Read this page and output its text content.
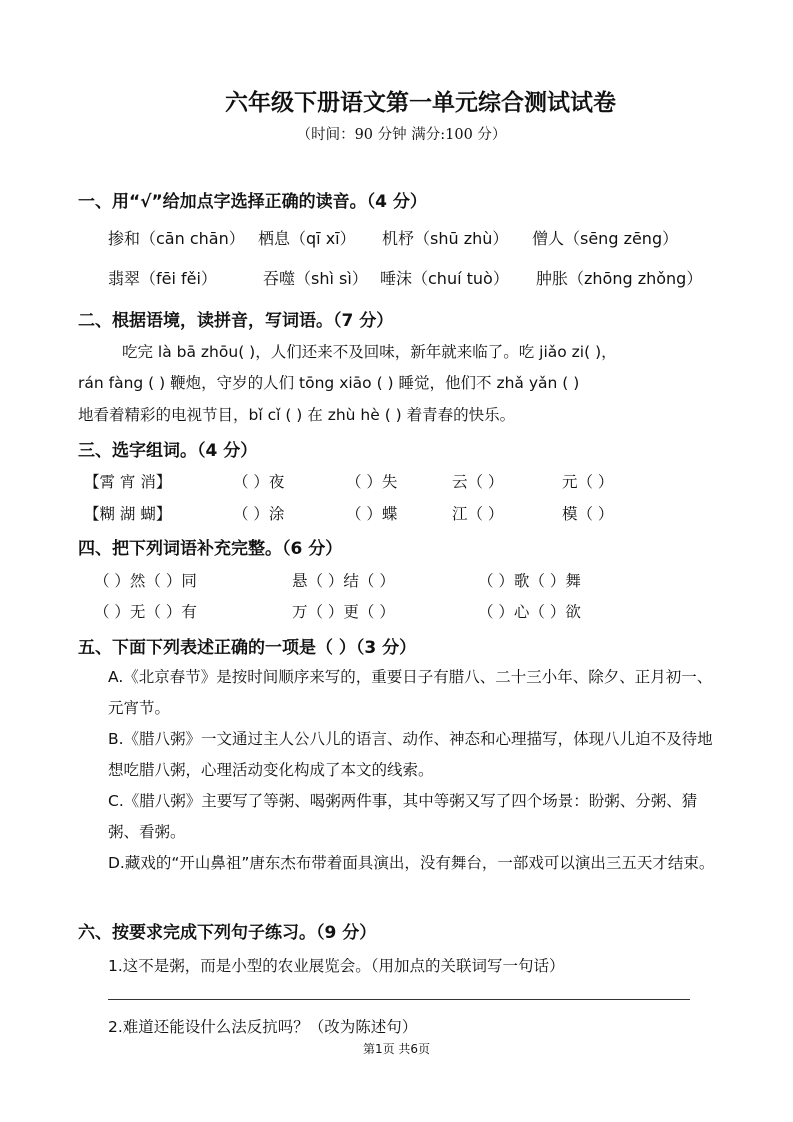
六年级下册语文第一单元综合测试试卷
（时间：90 分钟 满分:100 分）
一、用“√”给加点字选择正确的读音。（4 分）
掺和（cān chān） 栖息（qī xī） 机杼（shū zhù） 僧人（sēng zēng）
翡翠（fēi fěi）	吞噬（shì sì） 唾沫（chuí tuò） 肿胀（zhōng zhǒng）
二、根据语境，读拼音，写词语。（7 分）
吃完 là bā zhōu( )，人们还来不及回味，新年就来临了。吃 jiǎo zi( )，
rán fàng ( ) 鞭炮，守岁的人们 tōng xiāo ( ) 睡觉，他们不 zhǎ yǎn ( )
地看着精彩的电视节目，bǐ cǐ ( ) 在 zhù hè ( ) 着青春的快乐。
三、选字组词。（4 分）
【霄 宵 消】	（ ）夜	（ ）失	云（ ）	元（ ）
【糊 湖 蝴】	（ ）涂	（ ）蝶	江（ ）	模（ ）
四、把下列词语补充完整。（6 分）
（ ）然（ ）同	悬（ ）结（ ）	（ ）歌（ ）舞
（ ）无（ ）有	万（ ）更（ ）	（ ）心（ ）欲
五、下面下列表述正确的一项是（ ）（3 分）
A.《北京春节》是按时间顺序来写的，重要日子有腊八、二十三小年、除夕、正月初一、元宵节。
B.《腊八粥》一文通过主人公八儿的语言、动作、神态和心理描写，体现八儿迫不及待地想吃腊八粥，心理活动变化构成了本文的线索。
C.《腊八粥》主要写了等粥、喝粥两件事，其中等粥又写了四个场景：盼粥、分粥、猜粥、看粥。
D.藏戏的“开山鼻祖”唐东杰布带着面具演出，没有舞台，一部戏可以演出三五天才结束。
六、按要求完成下列句子练习。（9 分）
1.这不是粥，而是小型的农业展览会。（用加点的关联词写一句话）
2.难道还能设什么法反抗吗？（改为陈述句）
第1页 共6页
